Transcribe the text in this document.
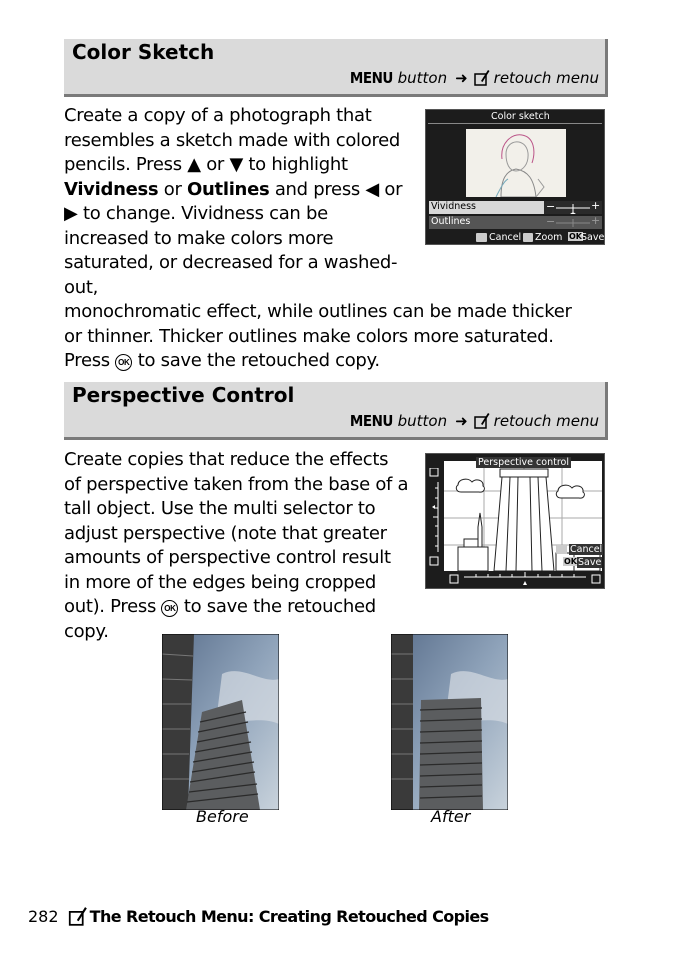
Color Sketch
MENU button ➜ retouch menu
Create a copy of a photograph that resembles a sketch made with colored pencils. Press ▲ or ▼ to highlight Vividness or Outlines and press ◀ or ▶ to change. Vividness can be increased to make colors more saturated, or decreased for a washed-out,
monochromatic effect, while outlines can be made thicker or thinner. Thicker outlines make colors more saturated. Press OK to save the retouched copy.
Color sketch
Vividness
Outlines
−	+
−	+
Cancel Zoom OK Save
Perspective Control
MENU button ➜ retouch menu
Create copies that reduce the effects of perspective taken from the base of a tall object. Use the multi selector to adjust perspective (note that greater amounts of perspective control result in more of the edges being cropped out). Press OK to save the retouched copy.
Perspective control
Cancel
OK Save
Before	After
282 The Retouch Menu: Creating Retouched Copies
